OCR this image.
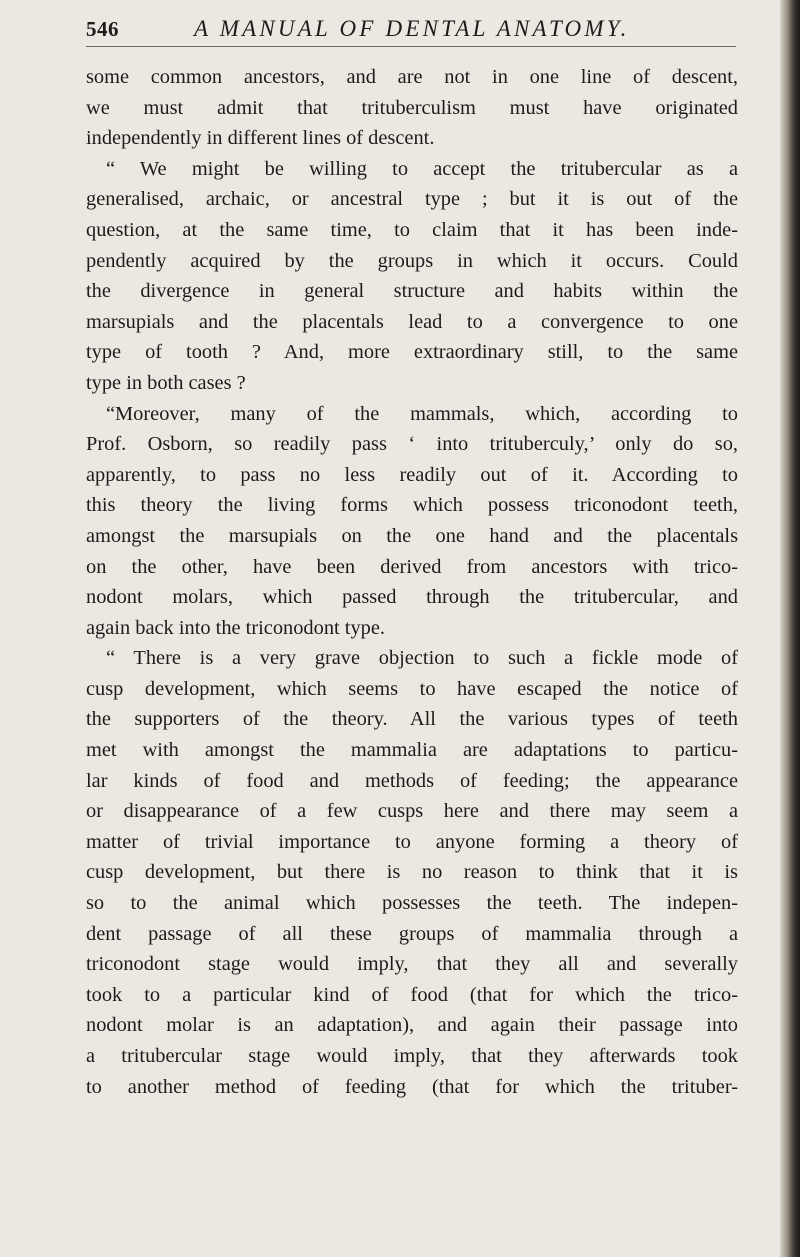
546	A MANUAL OF DENTAL ANATOMY.
some common ancestors, and are not in one line of descent,
we must admit that trituberculism must have originated
independently in different lines of descent.
“ We might be willing to accept the tritubercular as a
generalised, archaic, or ancestral type ; but it is out of the
question, at the same time, to claim that it has been inde-
pendently acquired by the groups in which it occurs. Could
the divergence in general structure and habits within the
marsupials and the placentals lead to a convergence to one
type of tooth ? And, more extraordinary still, to the same
type in both cases ?
“Moreover, many of the mammals, which, according to
Prof. Osborn, so readily pass ‘ into trituberculy,’ only do so,
apparently, to pass no less readily out of it. According to
this theory the living forms which possess triconodont teeth,
amongst the marsupials on the one hand and the placentals
on the other, have been derived from ancestors with trico-
nodont molars, which passed through the tritubercular, and
again back into the triconodont type.
“ There is a very grave objection to such a fickle mode of
cusp development, which seems to have escaped the notice of
the supporters of the theory. All the various types of teeth
met with amongst the mammalia are adaptations to particu-
lar kinds of food and methods of feeding; the appearance
or disappearance of a few cusps here and there may seem a
matter of trivial importance to anyone forming a theory of
cusp development, but there is no reason to think that it is
so to the animal which possesses the teeth. The indepen-
dent passage of all these groups of mammalia through a
triconodont stage would imply, that they all and severally
took to a particular kind of food (that for which the trico-
nodont molar is an adaptation), and again their passage into
a tritubercular stage would imply, that they afterwards took
to another method of feeding (that for which the trituber-
